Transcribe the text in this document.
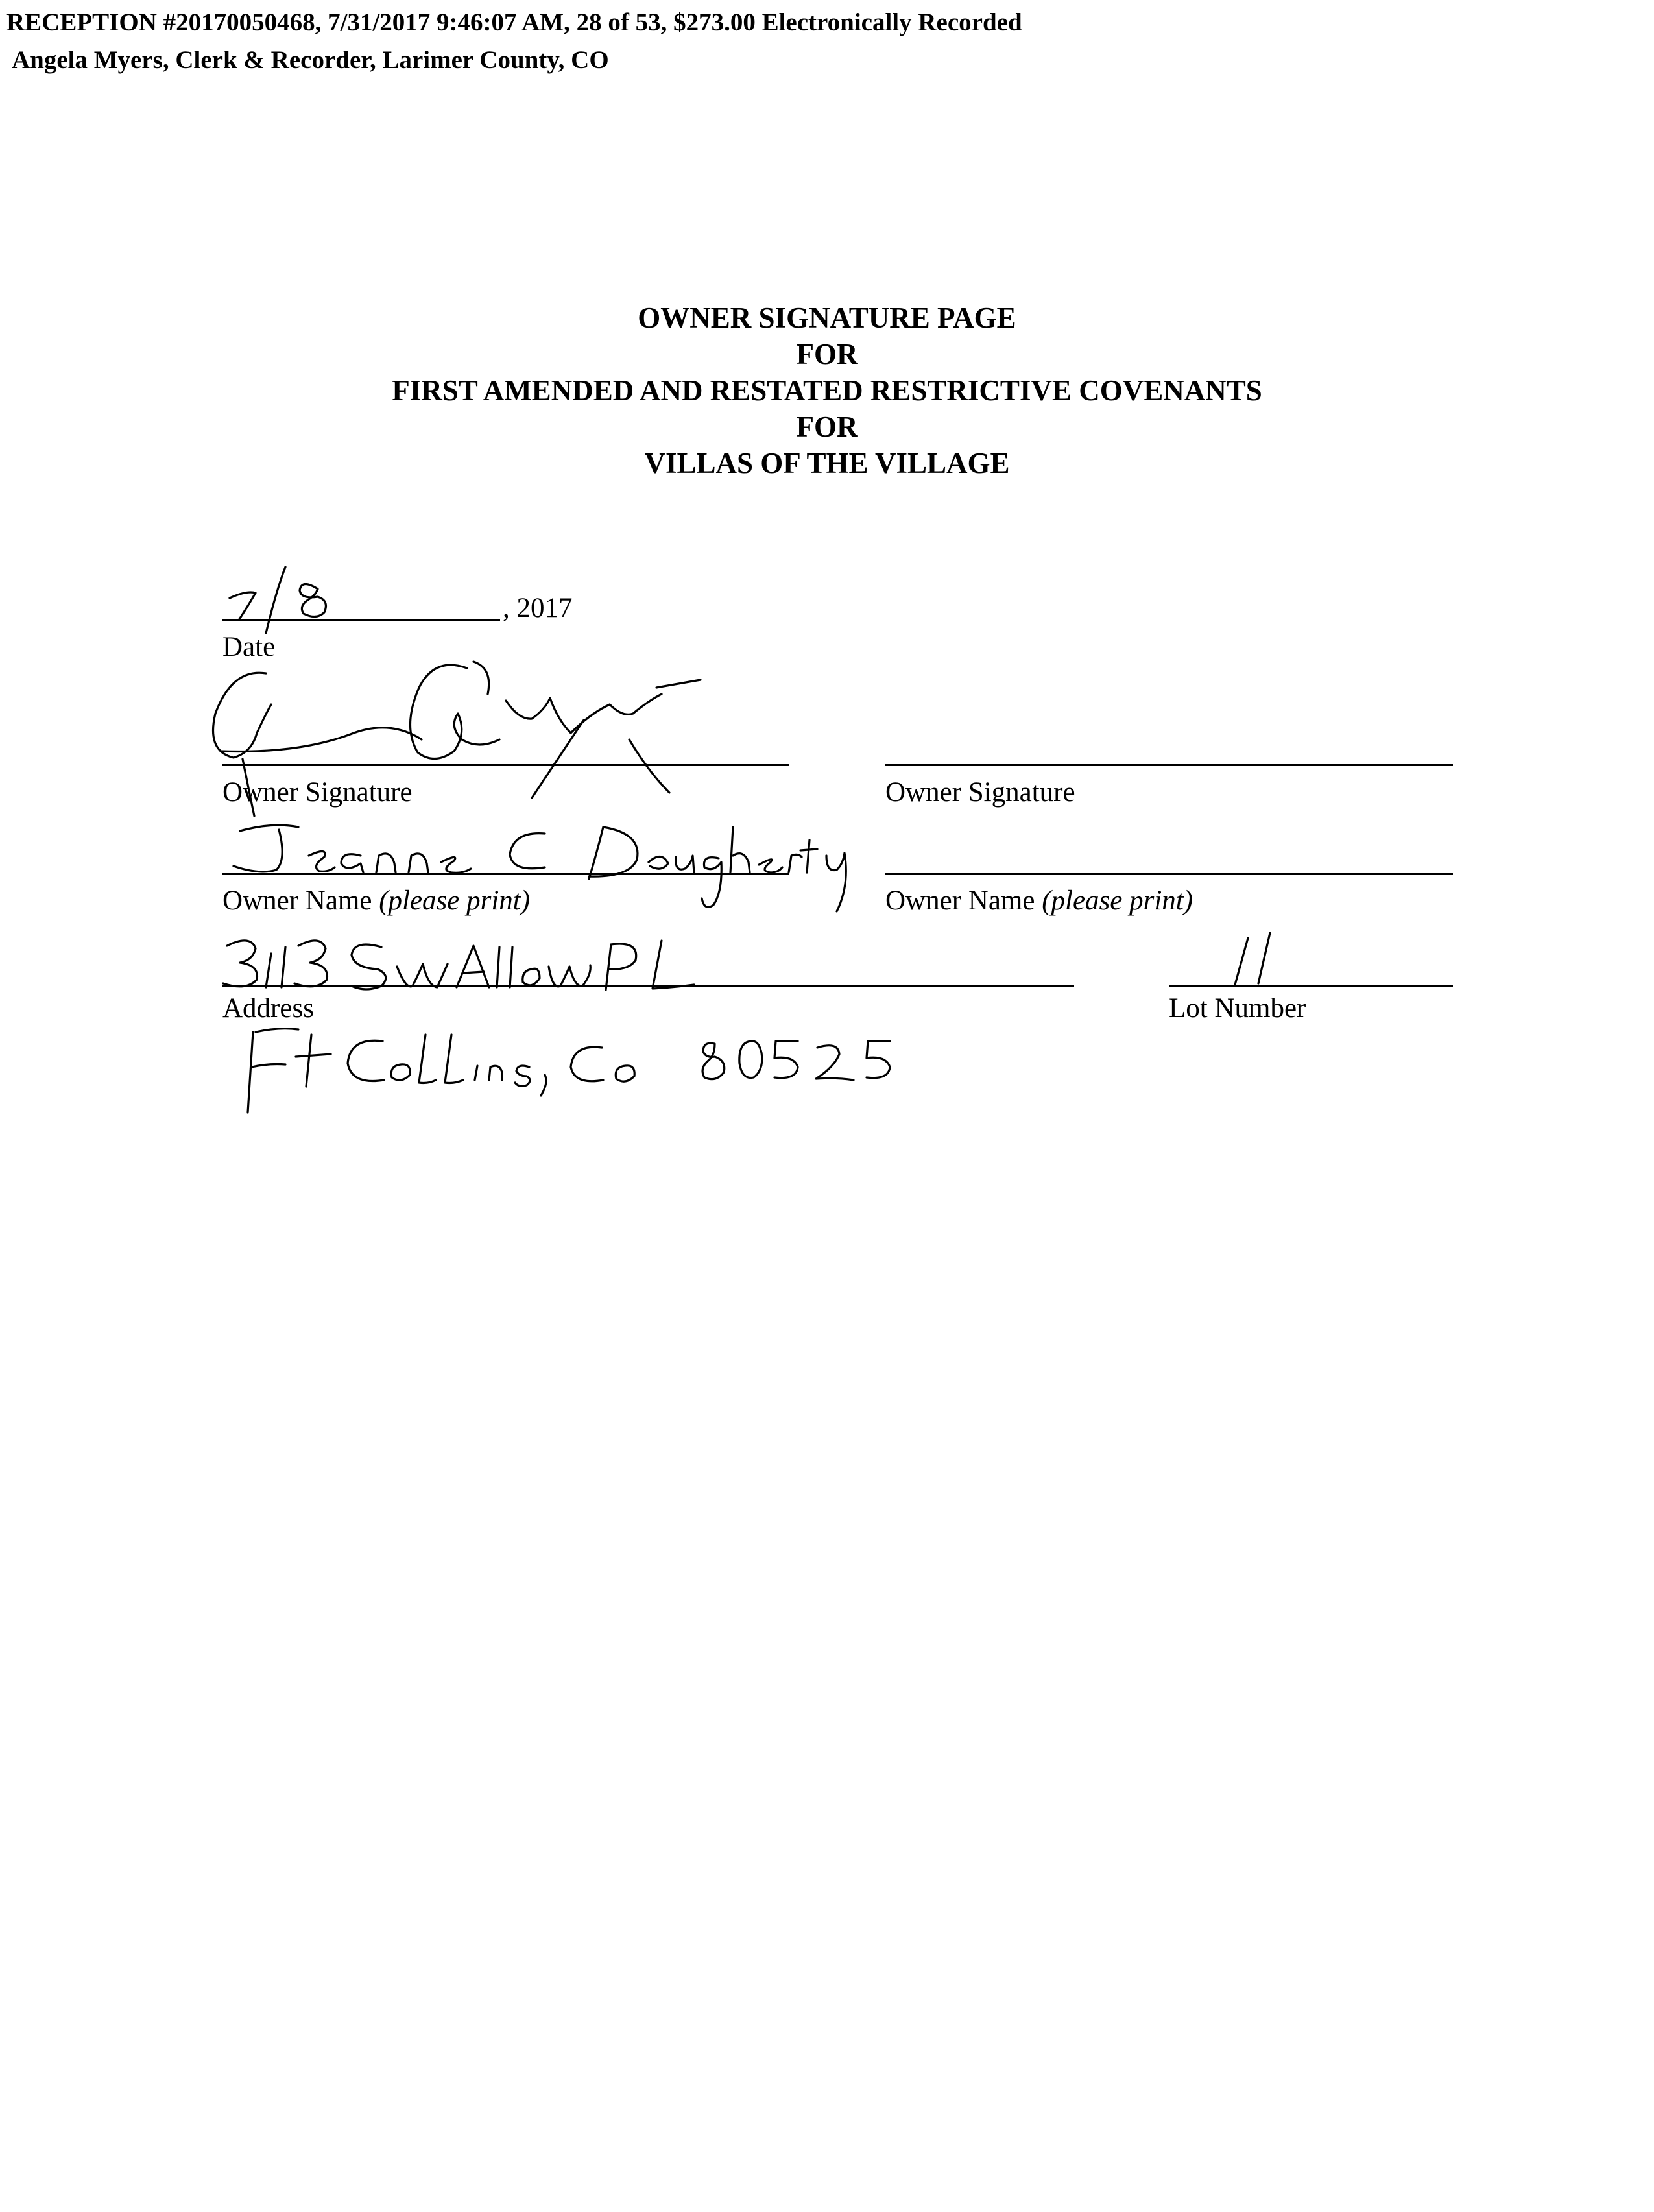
RECEPTION #20170050468, 7/31/2017 9:46:07 AM, 28 of 53, $273.00 Electronically Recorded
Angela Myers, Clerk & Recorder, Larimer County, CO
OWNER SIGNATURE PAGE
FOR
FIRST AMENDED AND RESTATED RESTRICTIVE COVENANTS
FOR
VILLAS OF THE VILLAGE
, 2017
Date
Owner Signature	Owner Signature
Owner Name (please print)	Owner Name (please print)
Address	Lot Number
